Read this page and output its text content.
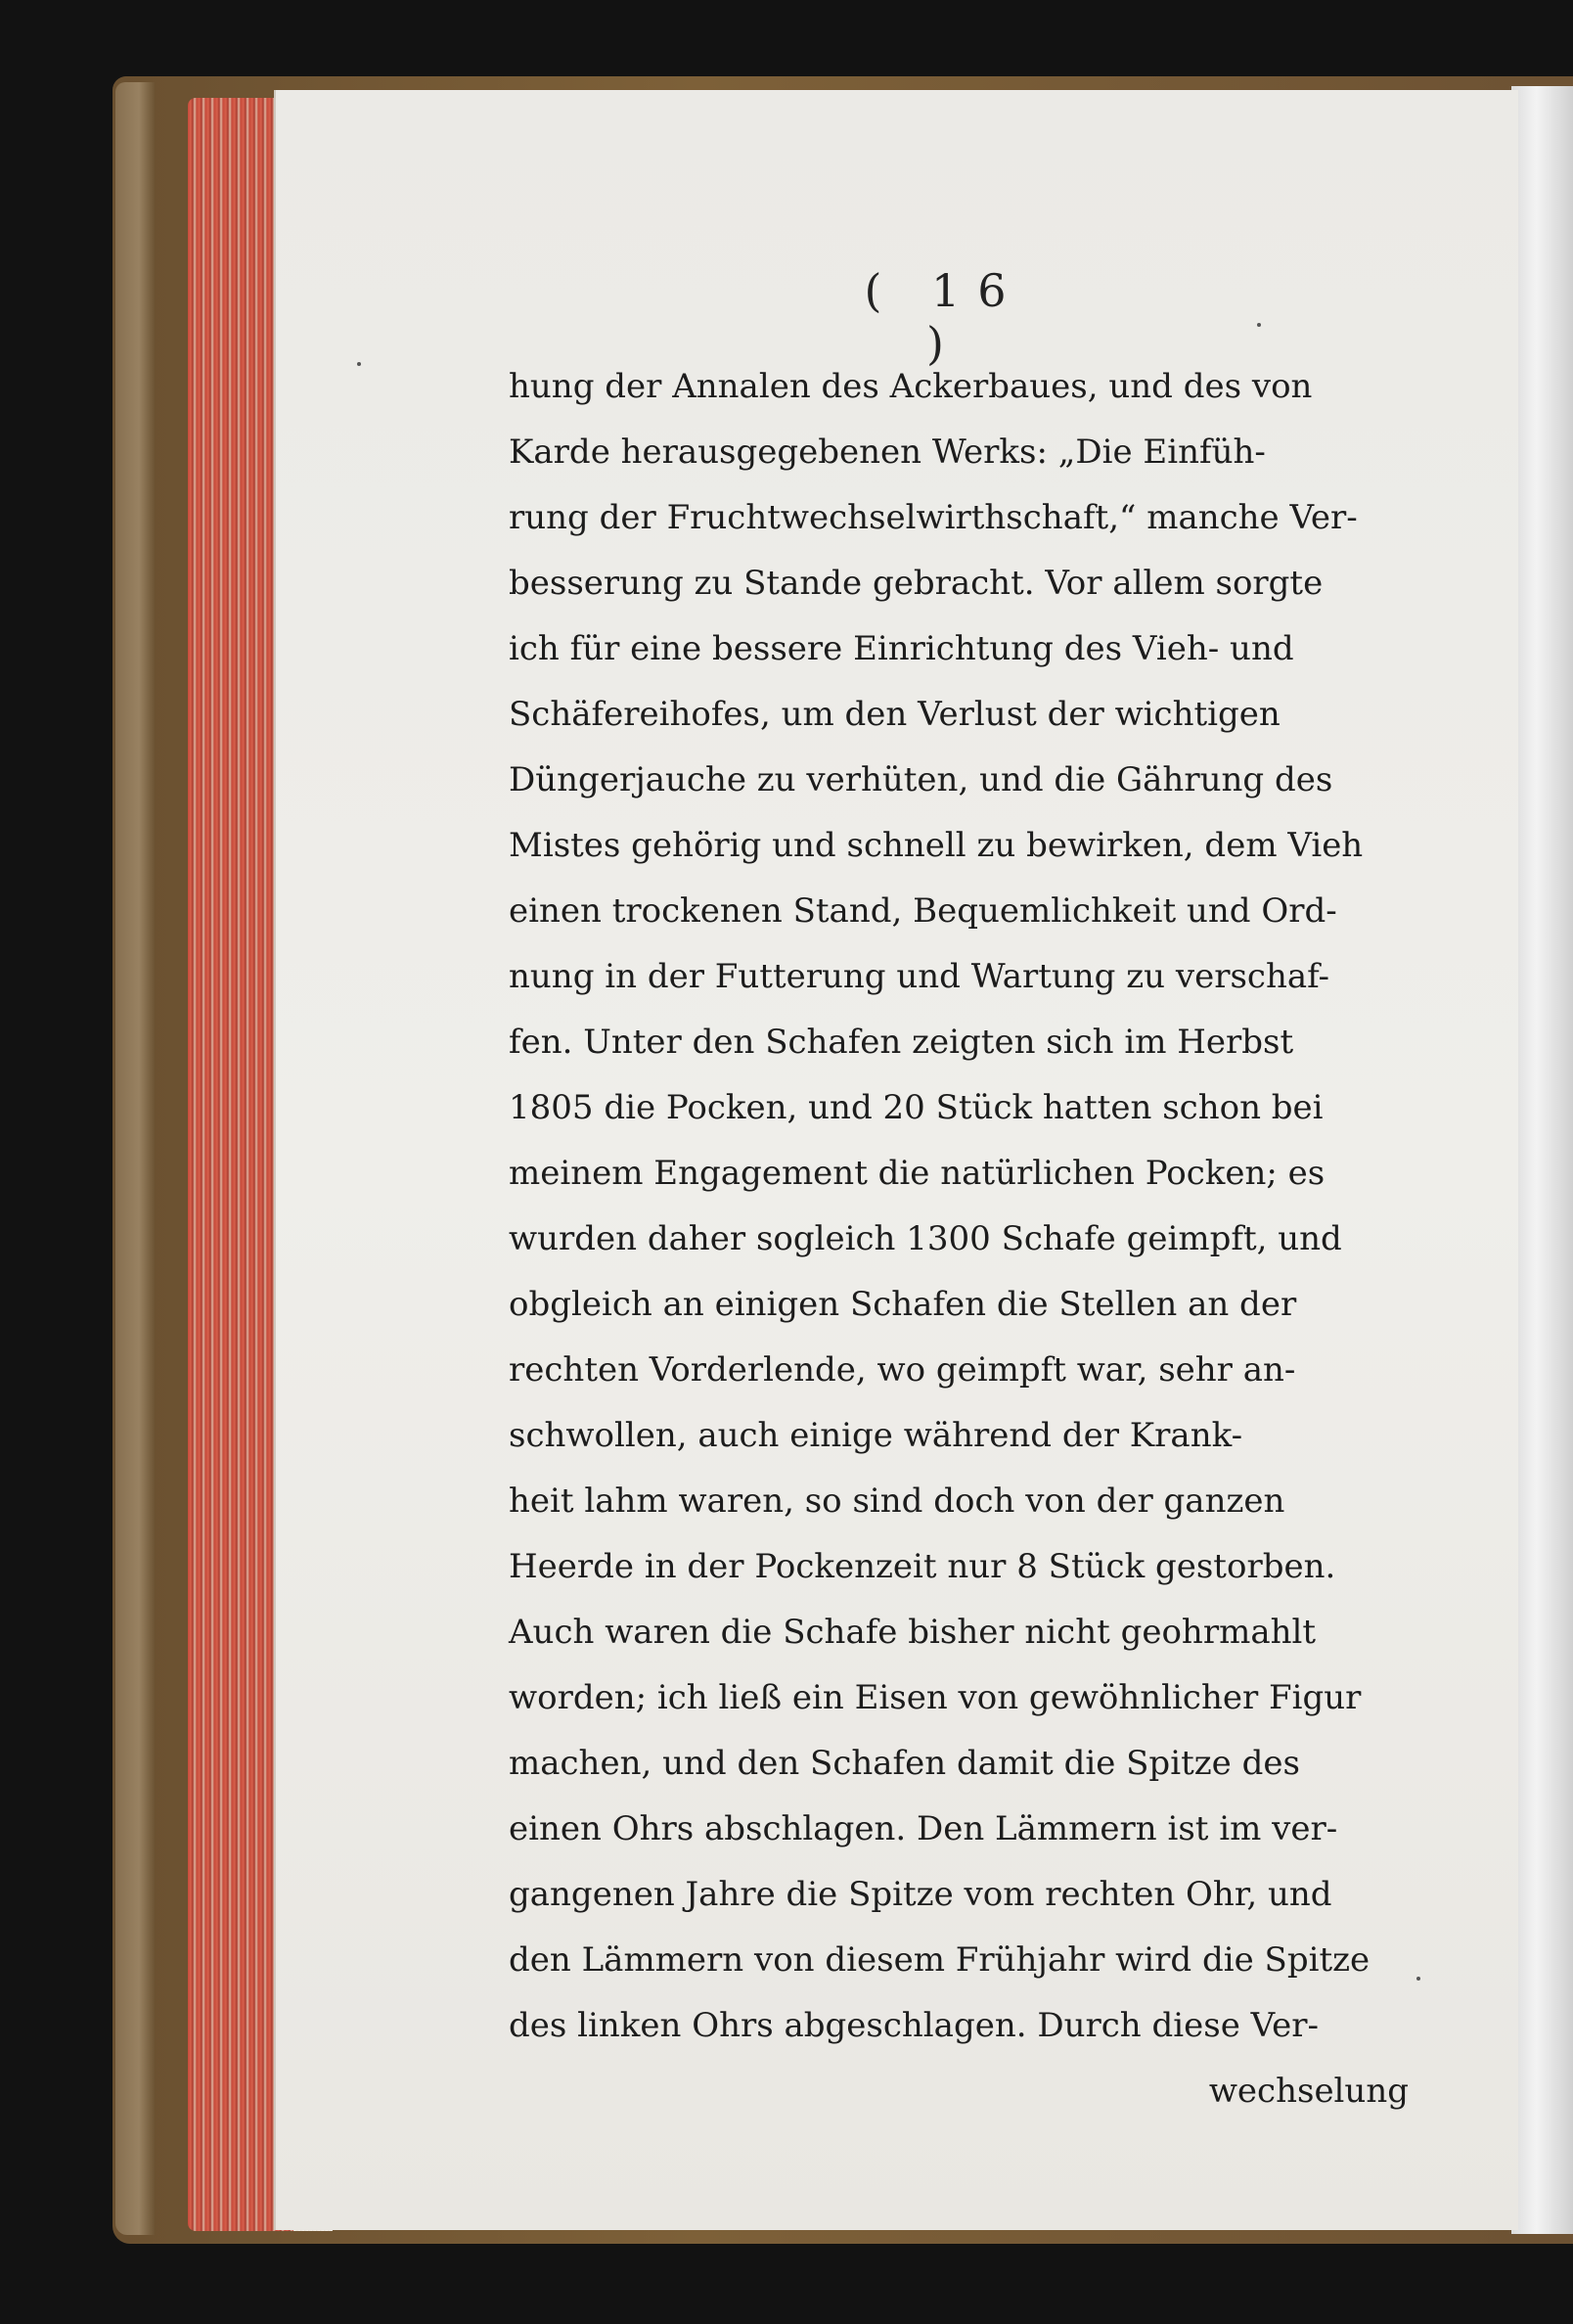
( 16 )
hung der Annalen des Ackerbaues, und des von
Karde herausgegebenen Werks: „Die Einfüh-
rung der Fruchtwechselwirthschaft,“ manche Ver-
besserung zu Stande gebracht. Vor allem sorgte
ich für eine bessere Einrichtung des Vieh- und
Schäfereihofes, um den Verlust der wichtigen
Düngerjauche zu verhüten, und die Gährung des
Mistes gehörig und schnell zu bewirken, dem Vieh
einen trockenen Stand, Bequemlichkeit und Ord-
nung in der Futterung und Wartung zu verschaf-
fen. Unter den Schafen zeigten sich im Herbst
1805 die Pocken, und 20 Stück hatten schon bei
meinem Engagement die natürlichen Pocken; es
wurden daher sogleich 1300 Schafe geimpft, und
obgleich an einigen Schafen die Stellen an der
rechten Vorderlende, wo geimpft war, sehr an-
schwollen, auch einige während der Krank-
heit lahm waren, so sind doch von der ganzen
Heerde in der Pockenzeit nur 8 Stück gestorben.
Auch waren die Schafe bisher nicht geohrmahlt
worden; ich ließ ein Eisen von gewöhnlicher Figur
machen, und den Schafen damit die Spitze des
einen Ohrs abschlagen. Den Lämmern ist im ver-
gangenen Jahre die Spitze vom rechten Ohr, und
den Lämmern von diesem Frühjahr wird die Spitze
des linken Ohrs abgeschlagen. Durch diese Ver-
wechselung
